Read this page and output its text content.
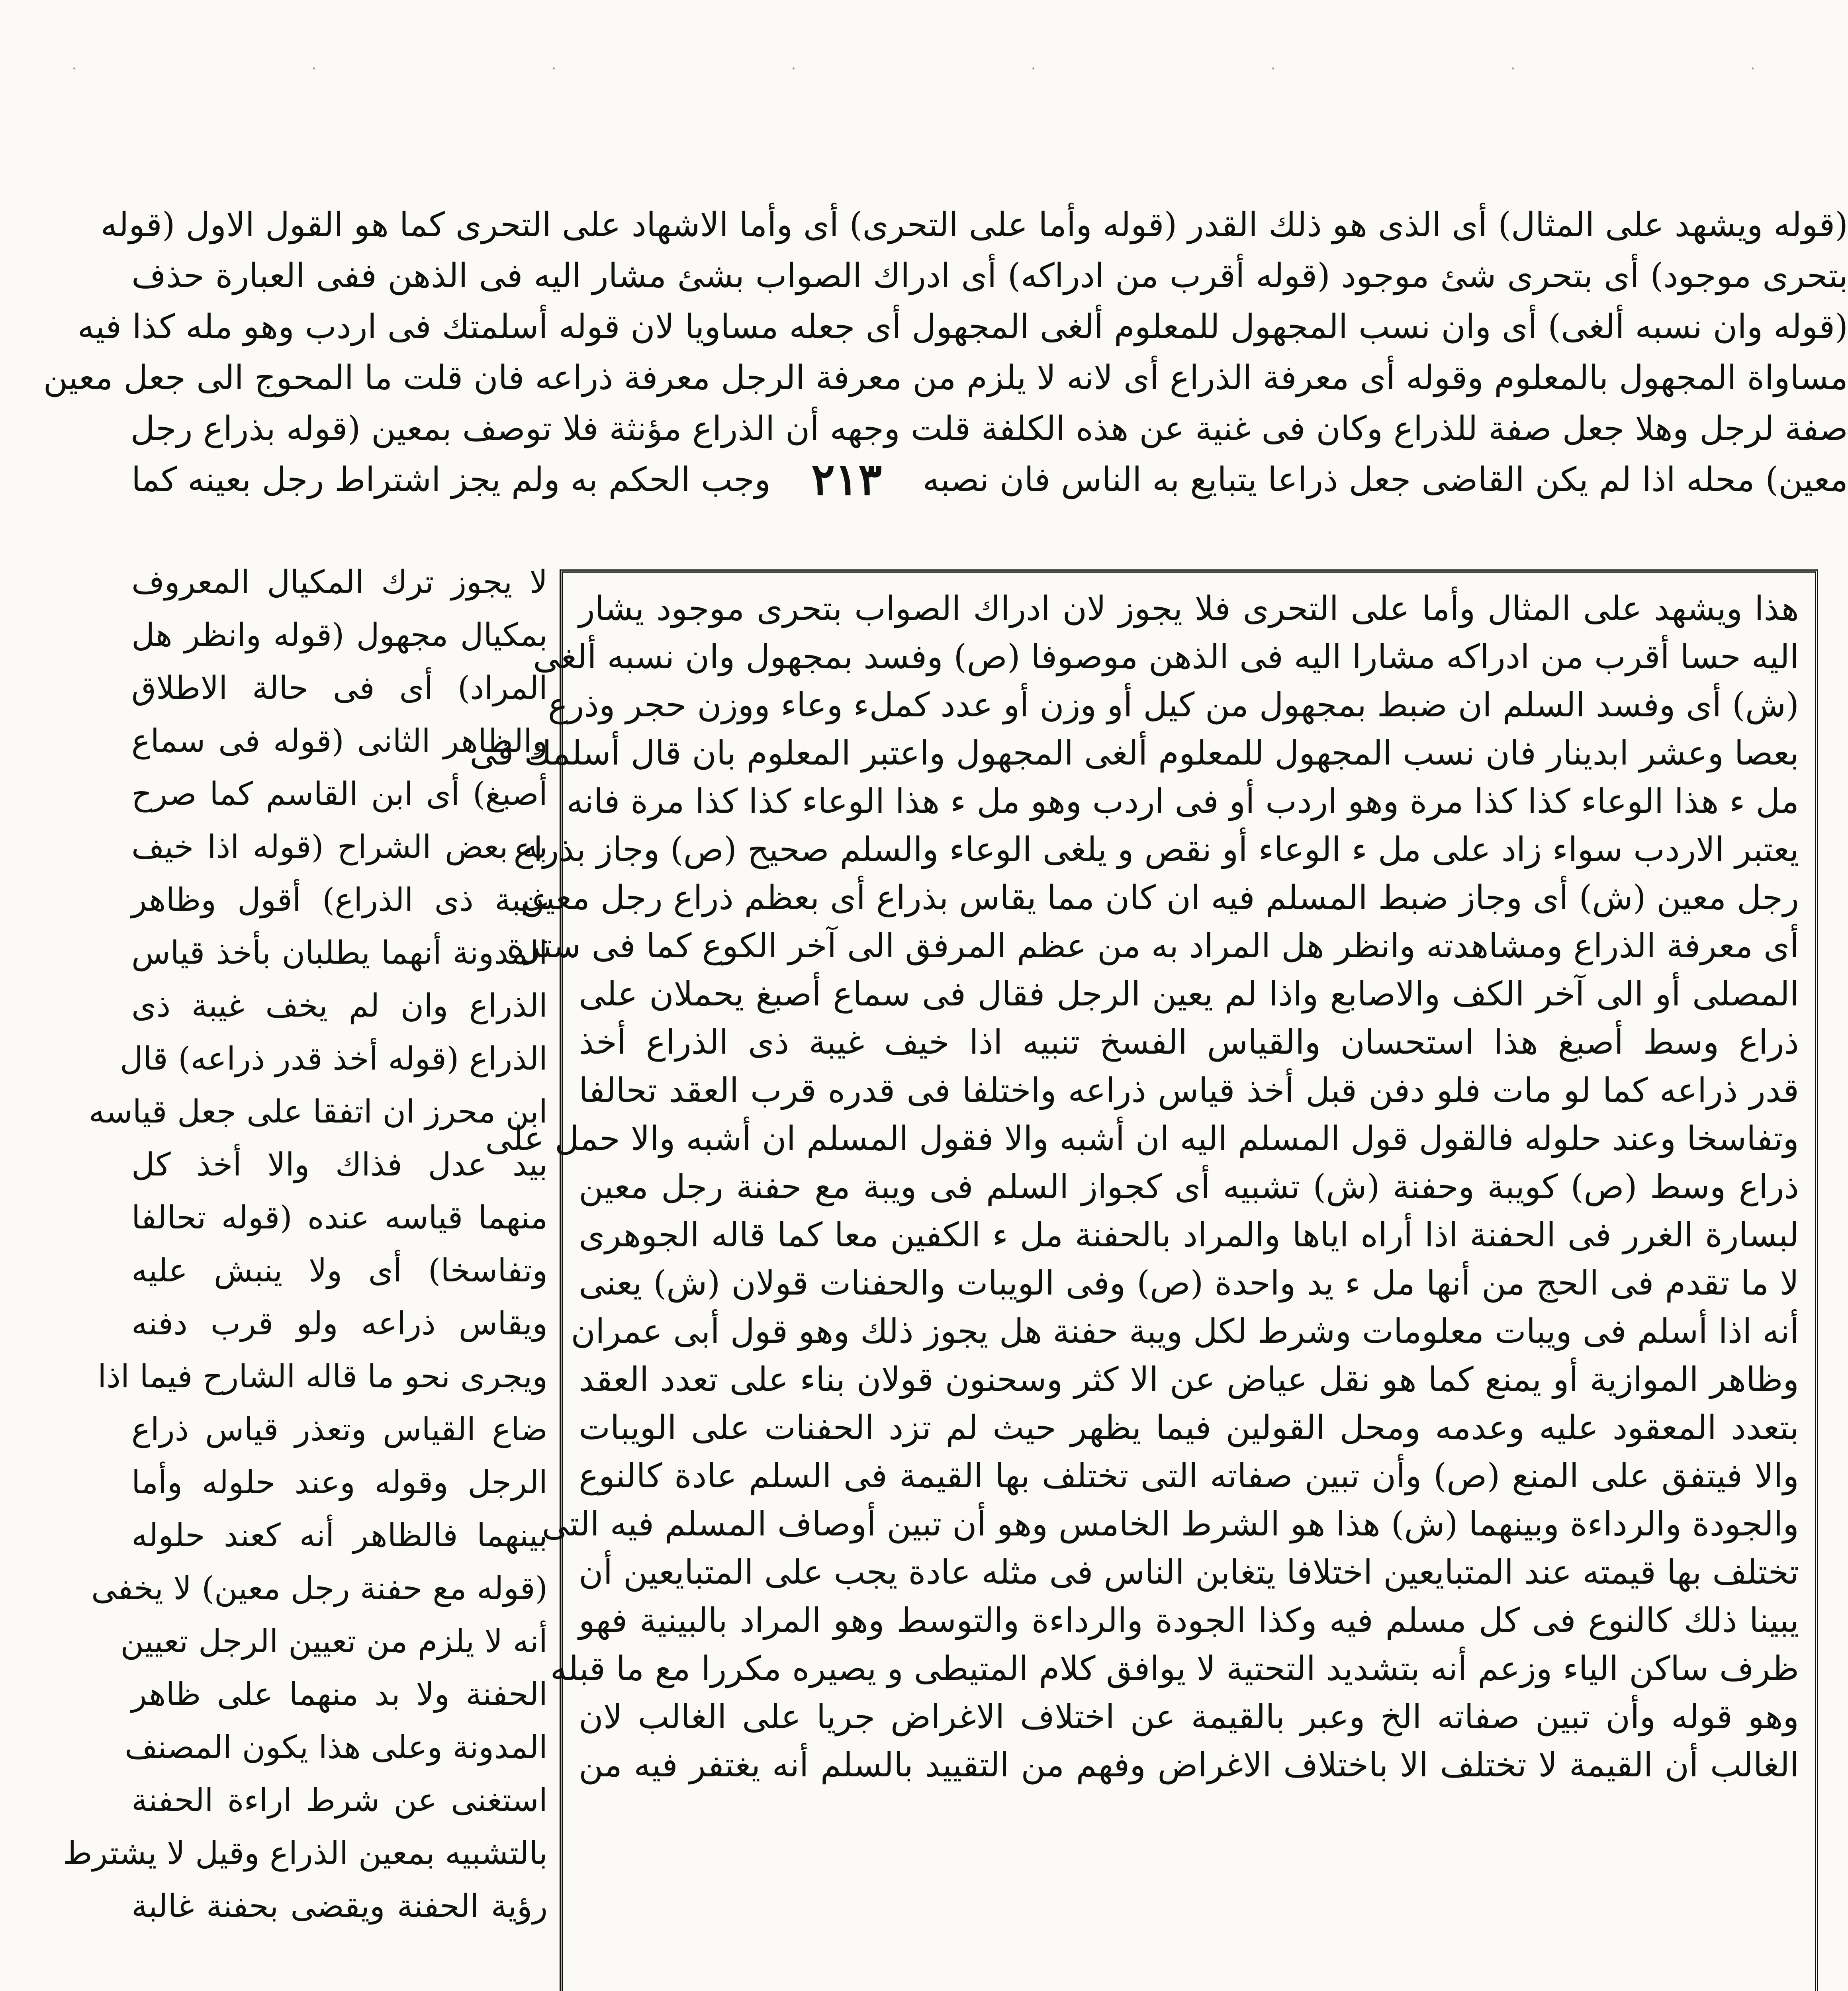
·
·
·
·
·
·
·
·
(قوله ويشهد على المثال) أى الذى هو ذلك القدر (قوله وأما على التحرى) أى وأما الاشهاد على التحرى كما هو القول الاول (قوله
بتحرى موجود) أى بتحرى شئ موجود (قوله أقرب من ادراكه) أى ادراك الصواب بشئ مشار اليه فى الذهن ففى العبارة حذف
(قوله وان نسبه ألغى) أى وان نسب المجهول للمعلوم ألغى المجهول أى جعله مساويا لان قوله أسلمتك فى اردب وهو مله كذا فيه
مساواة المجهول بالمعلوم وقوله أى معرفة الذراع أى لانه لا يلزم من معرفة الرجل معرفة ذراعه فان قلت ما المحوج الى جعل معين
صفة لرجل وهلا جعل صفة للذراع وكان فى غنية عن هذه الكلفة قلت وجهه أن الذراع مؤنثة فلا توصف بمعين (قوله بذراع رجل
معين) محله اذا لم يكن القاضى جعل ذراعا يتبايع به الناس فان نصبه
٢١٣
وجب الحكم به ولم يجز اشتراط رجل بعينه كما
لا يجوز ترك المكيال المعروف
بمكيال مجهول (قوله وانظر هل
المراد) أى فى حالة الاطلاق
والظاهر الثانى (قوله فى سماع
أصبغ) أى ابن القاسم كما صرح
به بعض الشراح (قوله اذا خيف
غيبة ذى الذراع) أقول وظاهر
المدونة أنهما يطلبان بأخذ قياس
الذراع وان لم يخف غيبة ذى
الذراع (قوله أخذ قدر ذراعه) قال
ابن محرز ان اتفقا على جعل قياسه
بيد عدل فذاك والا أخذ كل
منهما قياسه عنده (قوله تحالفا
وتفاسخا) أى ولا ينبش عليه
ويقاس ذراعه ولو قرب دفنه
ويجرى نحو ما قاله الشارح فيما اذا
ضاع القياس وتعذر قياس ذراع
الرجل وقوله وعند حلوله وأما
بينهما فالظاهر أنه كعند حلوله
(قوله مع حفنة رجل معين) لا يخفى
أنه لا يلزم من تعيين الرجل تعيين
الحفنة ولا بد منهما على ظاهر
المدونة وعلى هذا يكون المصنف
استغنى عن شرط اراءة الحفنة
بالتشبيه بمعين الذراع وقيل لا يشترط
رؤية الحفنة ويقضى بحفنة غالبة
هذا ويشهد على المثال وأما على التحرى فلا يجوز لان ادراك الصواب بتحرى موجود يشار
اليه حسا أقرب من ادراكه مشارا اليه فى الذهن موصوفا (ص) وفسد بمجهول وان نسبه ألغى
(ش) أى وفسد السلم ان ضبط بمجهول من كيل أو وزن أو عدد كملء وعاء ووزن حجر وذرع
بعصا وعشر ابدينار فان نسب المجهول للمعلوم ألغى المجهول واعتبر المعلوم بان قال أسلمك فى
مل ء هذا الوعاء كذا كذا مرة وهو اردب أو فى اردب وهو مل ء هذا الوعاء كذا كذا مرة فانه
يعتبر الاردب سواء زاد على مل ء الوعاء أو نقص و يلغى الوعاء والسلم صحيح (ص) وجاز بذراع
رجل معين (ش) أى وجاز ضبط المسلم فيه ان كان مما يقاس بذراع أى بعظم ذراع رجل معين
أى معرفة الذراع ومشاهدته وانظر هل المراد به من عظم المرفق الى آخر الكوع كما فى سترة
المصلى أو الى آخر الكف والاصابع واذا لم يعين الرجل فقال فى سماع أصبغ يحملان على
ذراع وسط أصبغ هذا استحسان والقياس الفسخ تنبيه اذا خيف غيبة ذى الذراع أخذ
قدر ذراعه كما لو مات فلو دفن قبل أخذ قياس ذراعه واختلفا فى قدره قرب العقد تحالفا
وتفاسخا وعند حلوله فالقول قول المسلم اليه ان أشبه والا فقول المسلم ان أشبه والا حمل على
ذراع وسط (ص) كويبة وحفنة (ش) تشبيه أى كجواز السلم فى ويبة مع حفنة رجل معين
لبسارة الغرر فى الحفنة اذا أراه اياها والمراد بالحفنة مل ء الكفين معا كما قاله الجوهرى
لا ما تقدم فى الحج من أنها مل ء يد واحدة (ص) وفى الويبات والحفنات قولان (ش) يعنى
أنه اذا أسلم فى ويبات معلومات وشرط لكل ويبة حفنة هل يجوز ذلك وهو قول أبى عمران
وظاهر الموازية أو يمنع كما هو نقل عياض عن الا كثر وسحنون قولان بناء على تعدد العقد
بتعدد المعقود عليه وعدمه ومحل القولين فيما يظهر حيث لم تزد الحفنات على الويبات
والا فيتفق على المنع (ص) وأن تبين صفاته التى تختلف بها القيمة فى السلم عادة كالنوع
والجودة والرداءة وبينهما (ش) هذا هو الشرط الخامس وهو أن تبين أوصاف المسلم فيه التى
تختلف بها قيمته عند المتبايعين اختلافا يتغابن الناس فى مثله عادة يجب على المتبايعين أن
يبينا ذلك كالنوع فى كل مسلم فيه وكذا الجودة والرداءة والتوسط وهو المراد بالبينية فهو
ظرف ساكن الياء وزعم أنه بتشديد التحتية لا يوافق كلام المتيطى و يصيره مكررا مع ما قبله
وهو قوله وأن تبين صفاته الخ وعبر بالقيمة عن اختلاف الاغراض جريا على الغالب لان
الغالب أن القيمة لا تختلف الا باختلاف الاغراض وفهم من التقييد بالسلم أنه يغتفر فيه من
